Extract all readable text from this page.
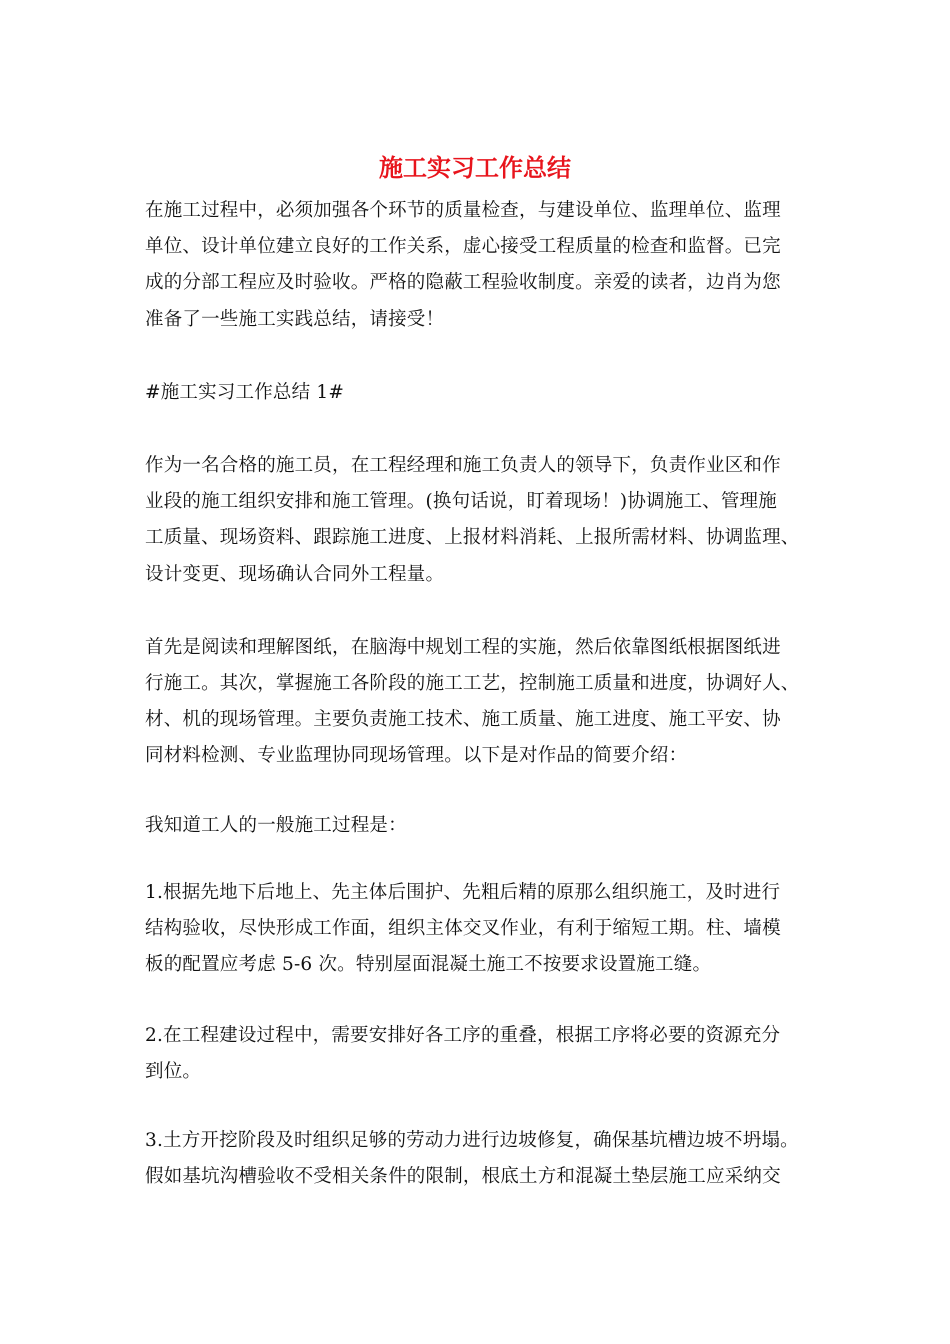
施工实习工作总结

在施工过程中，必须加强各个环节的质量检查，与建设单位、监理单位、监理

单位、设计单位建立良好的工作关系，虚心接受工程质量的检查和监督。已完

成的分部工程应及时验收。严格的隐蔽工程验收制度。亲爱的读者，边肖为您

准备了一些施工实践总结，请接受！

#施工实习工作总结 1#

作为一名合格的施工员，在工程经理和施工负责人的领导下，负责作业区和作

业段的施工组织安排和施工管理。(换句话说，盯着现场！)协调施工、管理施

工质量、现场资料、跟踪施工进度、上报材料消耗、上报所需材料、协调监理、

设计变更、现场确认合同外工程量。

首先是阅读和理解图纸，在脑海中规划工程的实施，然后依靠图纸根据图纸进

行施工。其次，掌握施工各阶段的施工工艺，控制施工质量和进度，协调好人、

材、机的现场管理。主要负责施工技术、施工质量、施工进度、施工平安、协

同材料检测、专业监理协同现场管理。以下是对作品的简要介绍：

我知道工人的一般施工过程是：

1.根据先地下后地上、先主体后围护、先粗后精的原那么组织施工，及时进行

结构验收，尽快形成工作面，组织主体交叉作业，有利于缩短工期。柱、墙模

板的配置应考虑 5-6 次。特别屋面混凝土施工不按要求设置施工缝。

2.在工程建设过程中，需要安排好各工序的重叠，根据工序将必要的资源充分

到位。

3.土方开挖阶段及时组织足够的劳动力进行边坡修复，确保基坑槽边坡不坍塌。

假如基坑沟槽验收不受相关条件的限制，根底土方和混凝土垫层施工应采纳交
